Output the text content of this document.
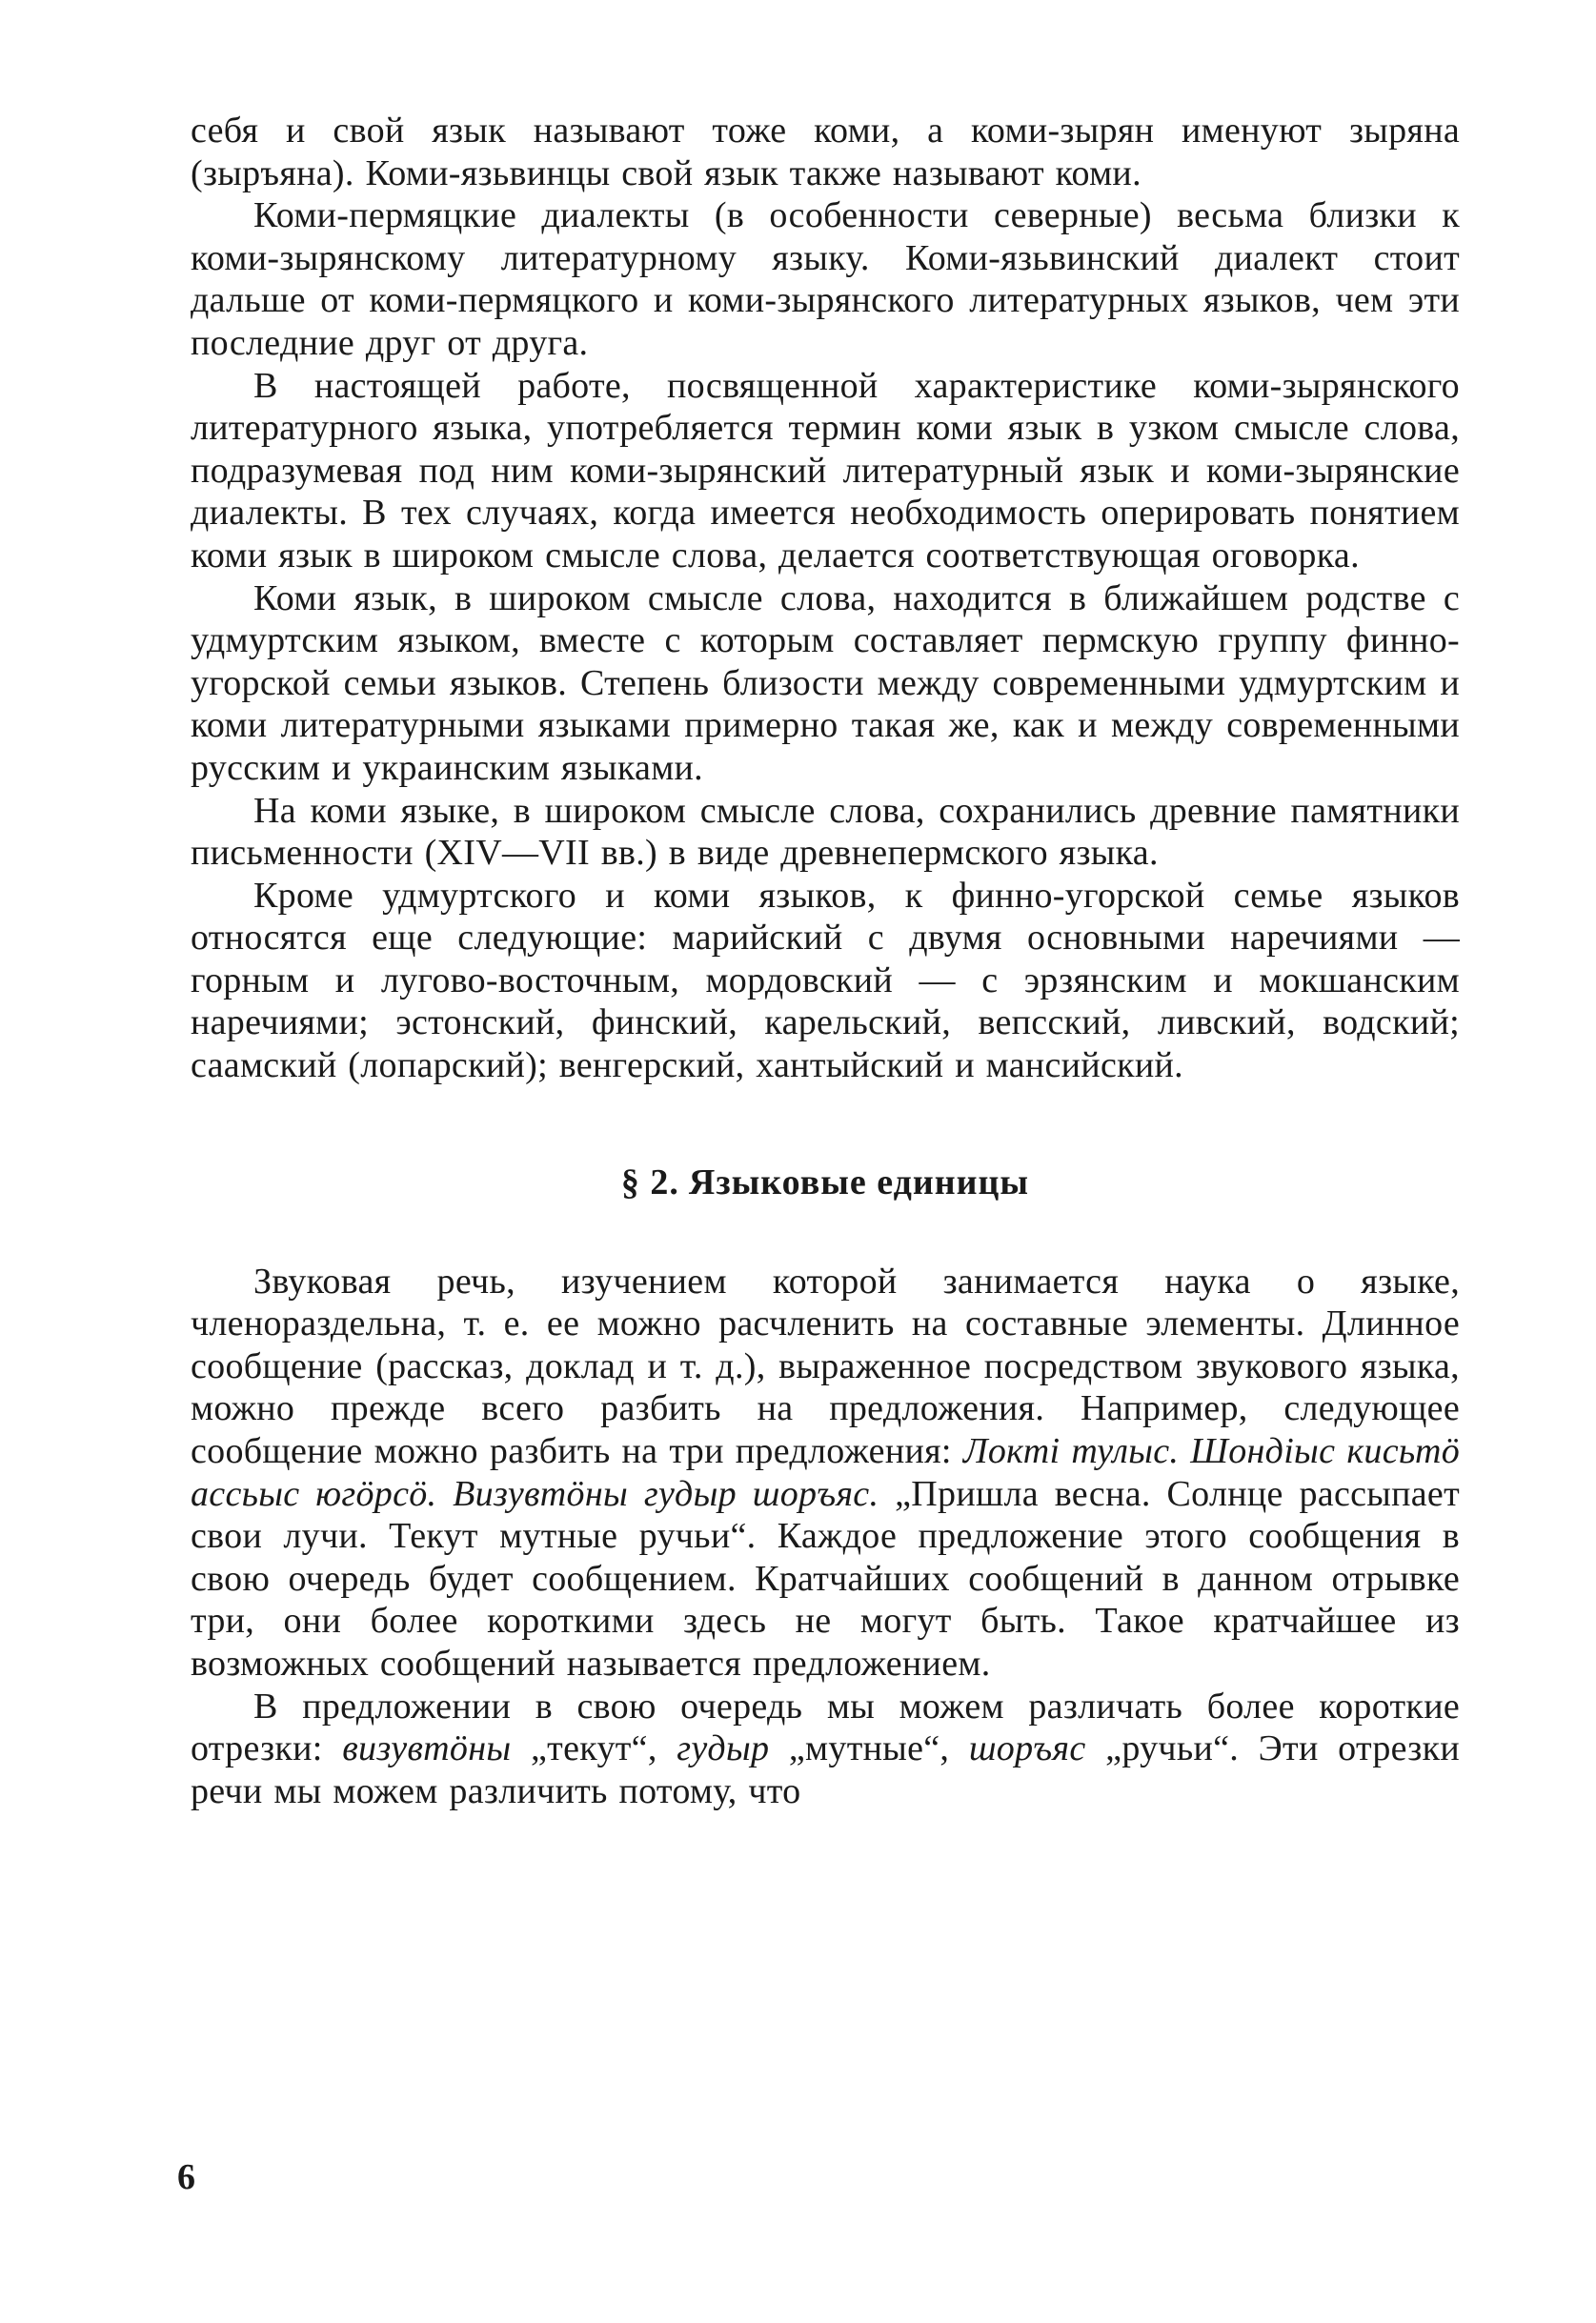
себя и свой язык называют тоже коми, а коми-зырян именуют зыряна (зыръяна). Коми-язьвинцы свой язык также называют коми.

Коми-пермяцкие диалекты (в особенности северные) весьма близки к коми-зырянскому литературному языку. Коми-язьвинский диалект стоит дальше от коми-пермяцкого и коми-зырянского литературных языков, чем эти последние друг от друга.

В настоящей работе, посвященной характеристике коми-зырянского литературного языка, употребляется термин коми язык в узком смысле слова, подразумевая под ним коми-зырянский литературный язык и коми-зырянские диалекты. В тех случаях, когда имеется необходимость оперировать понятием коми язык в широком смысле слова, делается соответствующая оговорка.

Коми язык, в широком смысле слова, находится в ближайшем родстве с удмуртским языком, вместе с которым составляет пермскую группу финно-угорской семьи языков. Степень близости между современными удмуртским и коми литературными языками примерно такая же, как и между современными русским и украинским языками.

На коми языке, в широком смысле слова, сохранились древние памятники письменности (XIV—VII вв.) в виде древнепермского языка.

Кроме удмуртского и коми языков, к финно-угорской семье языков относятся еще следующие: марийский с двумя основными наречиями — горным и лугово-восточным, мордовский — с эрзянским и мокшанским наречиями; эстонский, финский, карельский, вепсский, ливский, водский; саамский (лопарский); венгерский, хантыйский и мансийский.

§ 2. Языковые единицы

Звуковая речь, изучением которой занимается наука о языке, членораздельна, т. е. ее можно расчленить на составные элементы. Длинное сообщение (рассказ, доклад и т. д.), выраженное посредством звукового языка, можно прежде всего разбить на предложения. Например, следующее сообщение можно разбить на три предложения: Локтi тулыс. Шондiыс кисьтö ассьыс югöрсö. Визувтöны гудыр шоръяс. „Пришла весна. Солнце рассыпает свои лучи. Текут мутные ручьи“. Каждое предложение этого сообщения в свою очередь будет сообщением. Кратчайших сообщений в данном отрывке три, они более короткими здесь не могут быть. Такое кратчайшее из возможных сообщений называется предложением.

В предложении в свою очередь мы можем различать более короткие отрезки: визувтöны „текут“, гудыр „мутные“, шоръяс „ручьи“. Эти отрезки речи мы можем различить потому, что

6
